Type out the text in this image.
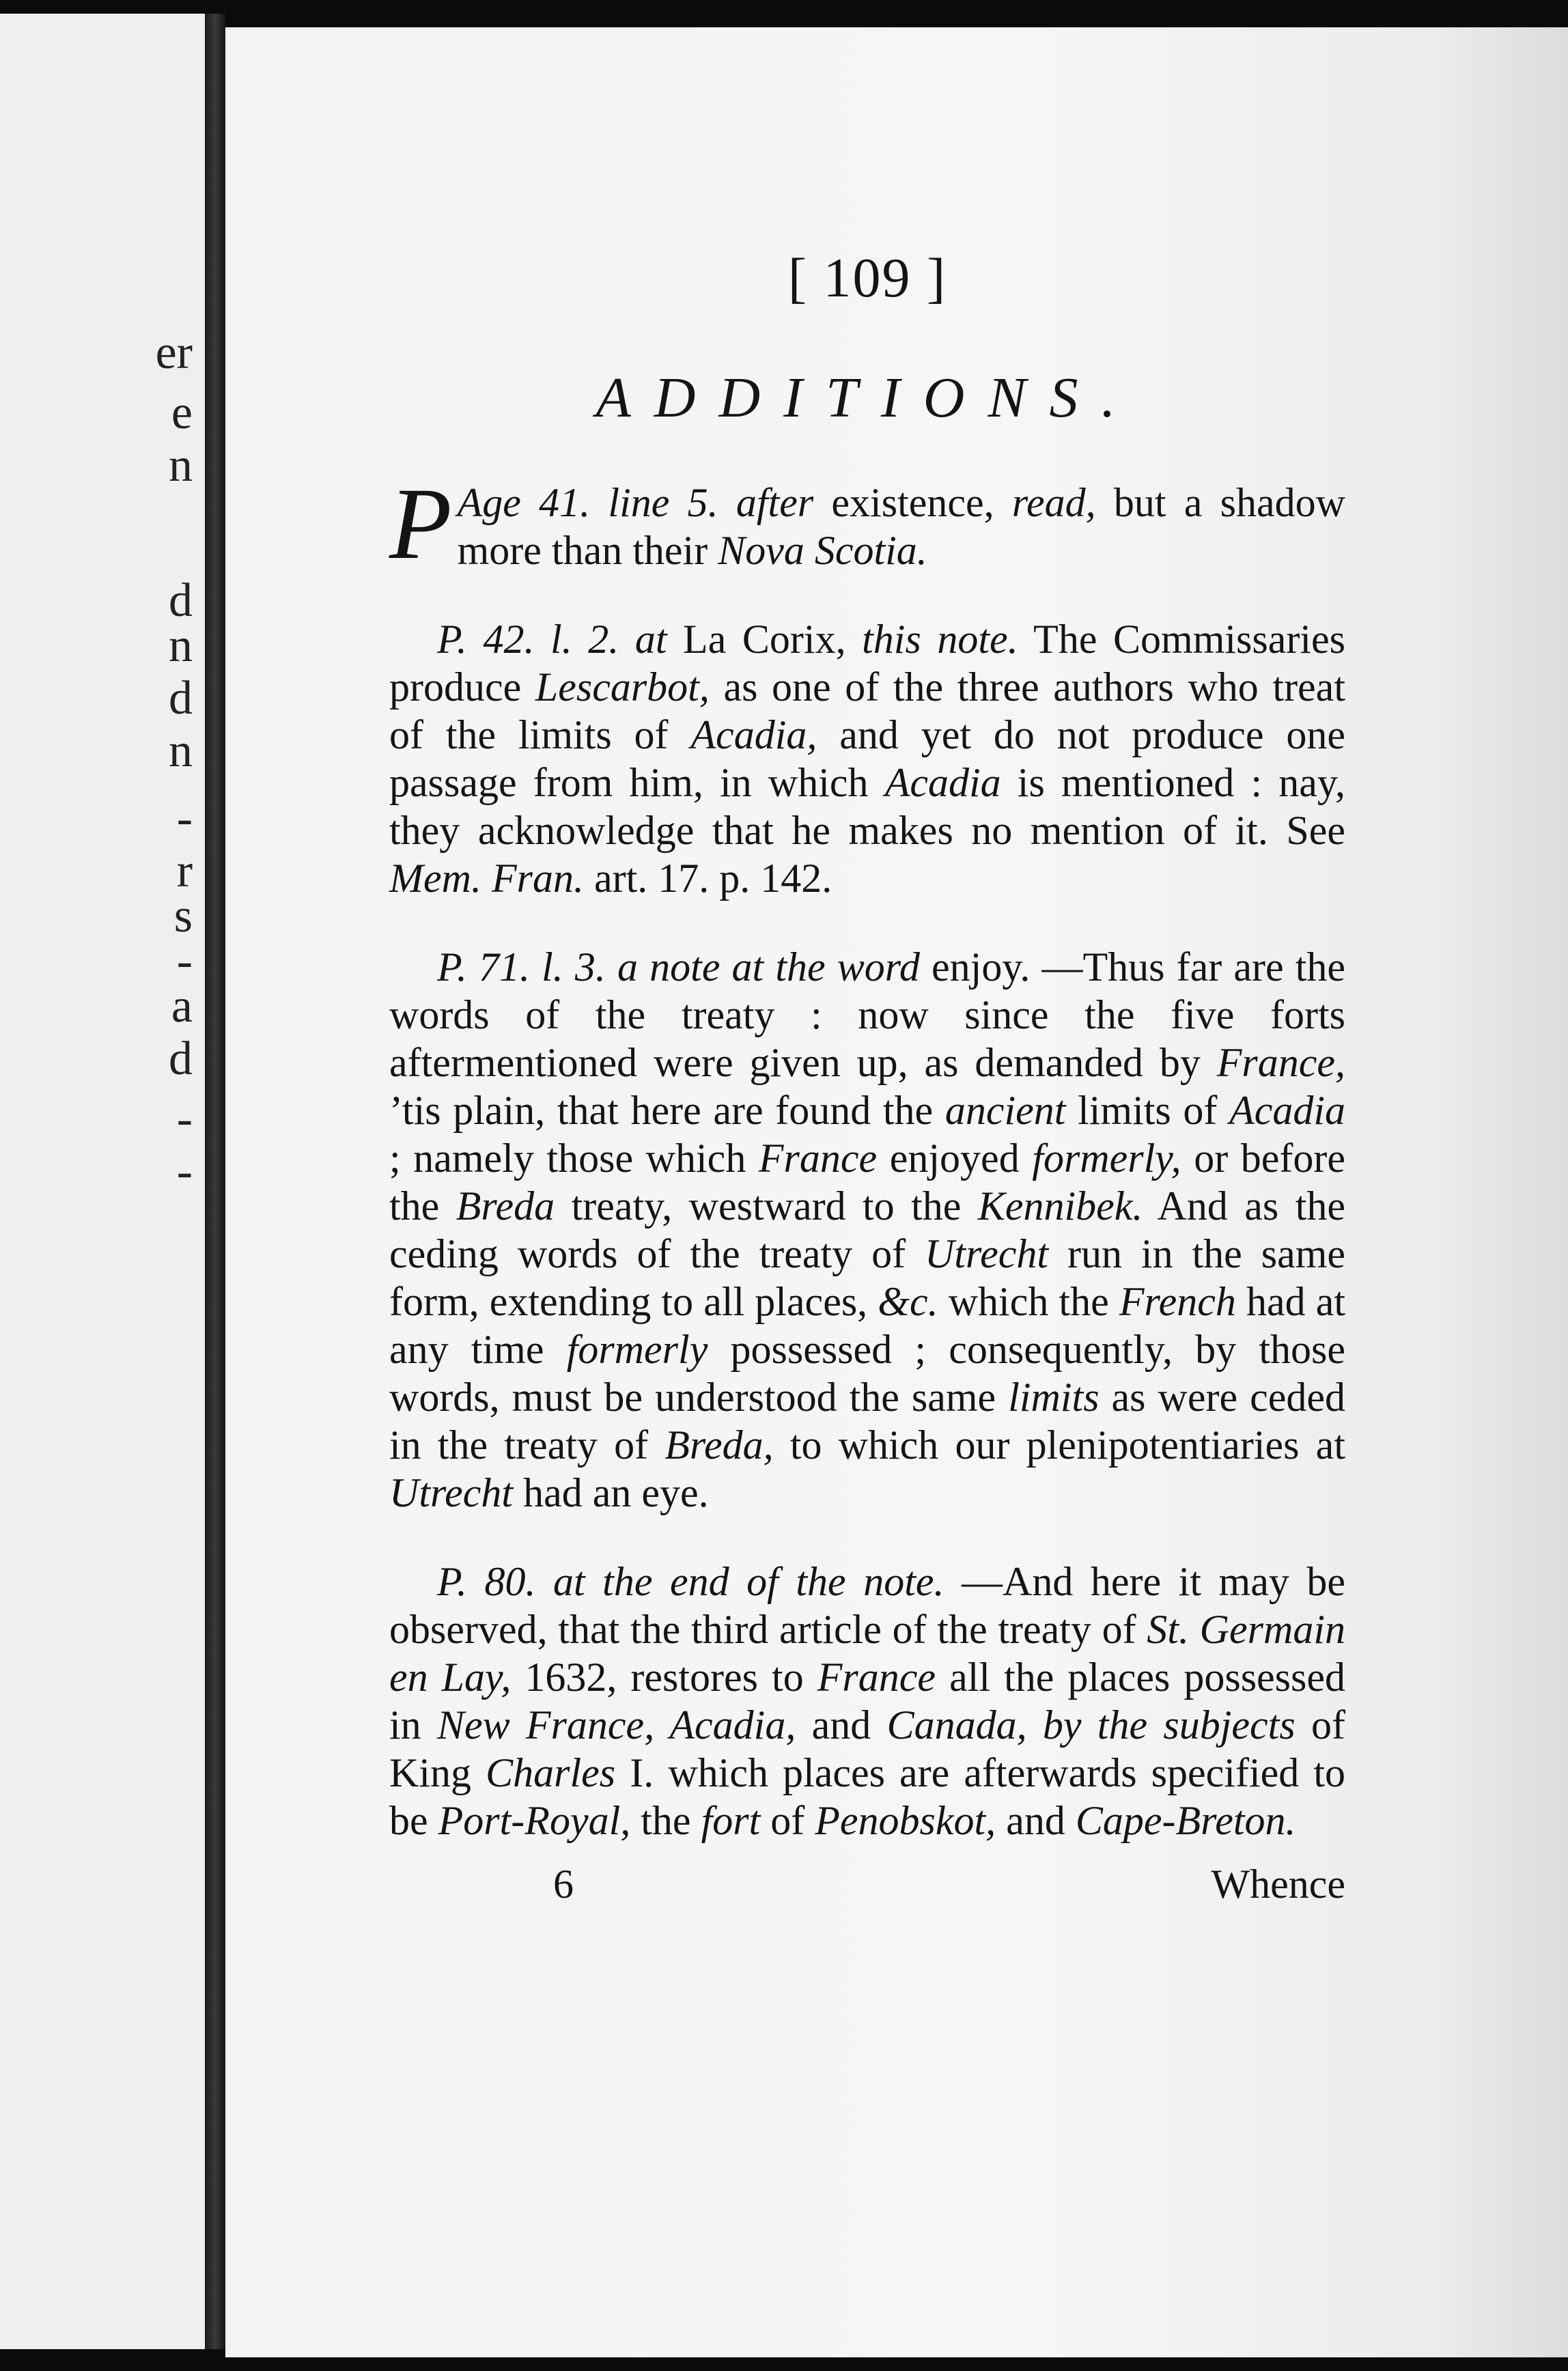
er
e
n
d
n
d
n
-
r
s
-
a
d
-
-
[ 109 ]
ADDITIONS.

P Age 41. line 5. after existence, read, but a shadow more than their Nova Scotia.

P. 42. l. 2. at La Corix, this note. The Commissaries produce Lescarbot, as one of the three authors who treat of the limits of Acadia, and yet do not produce one passage from him, in which Acadia is mentioned : nay, they acknowledge that he makes no mention of it. See Mem. Fran. art. 17. p. 142.

P. 71. l. 3. a note at the word enjoy. —Thus far are the words of the treaty : now since the five forts aftermentioned were given up, as demanded by France, ’tis plain, that here are found the ancient limits of Acadia ; namely those which France enjoyed formerly, or before the Breda treaty, westward to the Kennibek. And as the ceding words of the treaty of Utrecht run in the same form, extending to all places, &c. which the French had at any time formerly possessed ; consequently, by those words, must be understood the same limits as were ceded in the treaty of Breda, to which our plenipotentiaries at Utrecht had an eye.

P. 80. at the end of the note. —And here it may be observed, that the third article of the treaty of St. Germain en Lay, 1632, restores to France all the places possessed in New France, Acadia, and Canada, by the subjects of King Charles I. which places are afterwards specified to be Port-Royal, the fort of Penobskot, and Cape-Breton.

6	Whence
